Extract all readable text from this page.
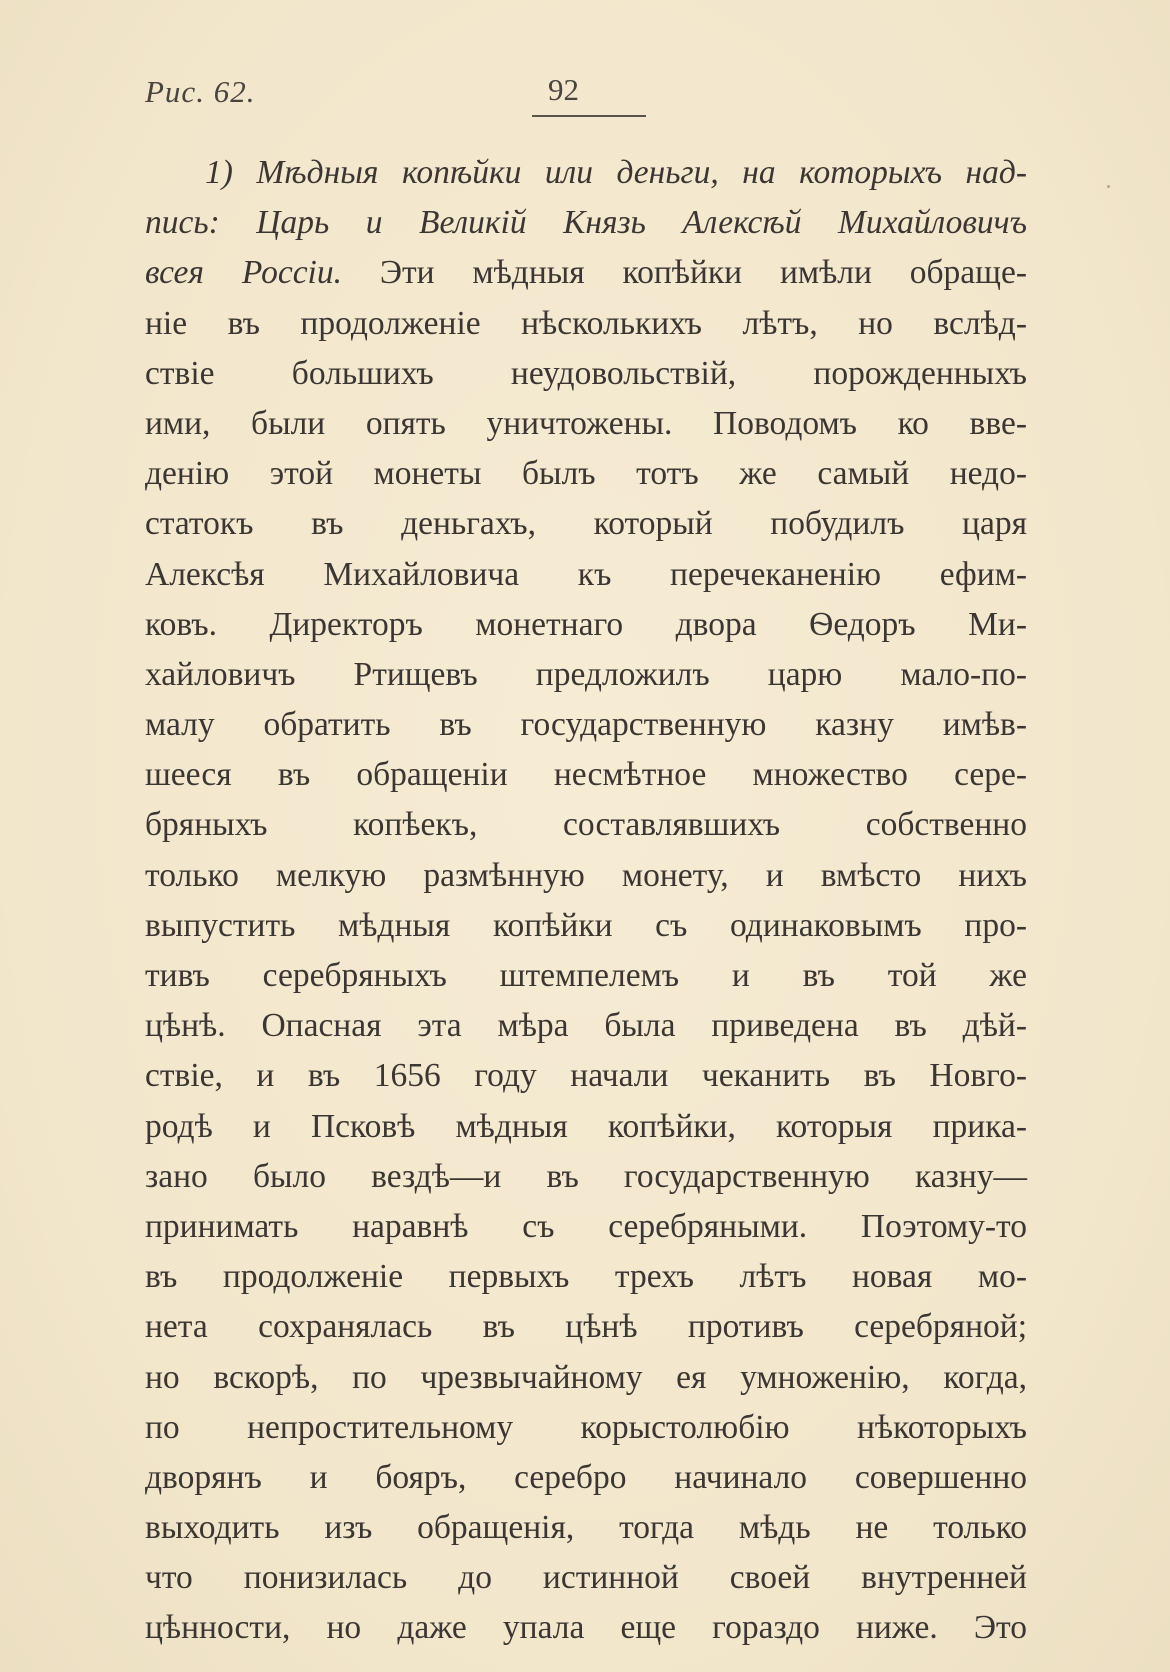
Рис. 62.	92
1) Мѣдныя копѣйки или деньги, на которыхъ над-
пись: Царь и Великій Князь Алексѣй Михайловичъ
всея Россіи. Эти мѣдныя копѣйки имѣли обраще-
ніе въ продолженіе нѣсколькихъ лѣтъ, но вслѣд-
ствіе большихъ неудовольствій, порожденныхъ
ими, были опять уничтожены. Поводомъ ко вве-
денію этой монеты былъ тотъ же самый недо-
статокъ въ деньгахъ, который побудилъ царя
Алексѣя Михайловича къ перечеканенію ефим-
ковъ. Директоръ монетнаго двора Ѳедоръ Ми-
хайловичъ Ртищевъ предложилъ царю мало-по-
малу обратить въ государственную казну имѣв-
шееся въ обращеніи несмѣтное множество сере-
бряныхъ копѣекъ, составлявшихъ собственно
только мелкую размѣнную монету, и вмѣсто нихъ
выпустить мѣдныя копѣйки съ одинаковымъ про-
тивъ серебряныхъ штемпелемъ и въ той же
цѣнѣ. Опасная эта мѣра была приведена въ дѣй-
ствіе, и въ 1656 году начали чеканить въ Новго-
родѣ и Псковѣ мѣдныя копѣйки, которыя прика-
зано было вездѣ—и въ государственную казну—
принимать наравнѣ съ серебряными. Поэтому-то
въ продолженіе первыхъ трехъ лѣтъ новая мо-
нета сохранялась въ цѣнѣ противъ серебряной;
но вскорѣ, по чрезвычайному ея умноженію, когда,
по непростительному корыстолюбію нѣкоторыхъ
дворянъ и бояръ, серебро начинало совершенно
выходить изъ обращенія, тогда мѣдь не только
что понизилась до истинной своей внутренней
цѣнности, но даже упала еще гораздо ниже. Это
